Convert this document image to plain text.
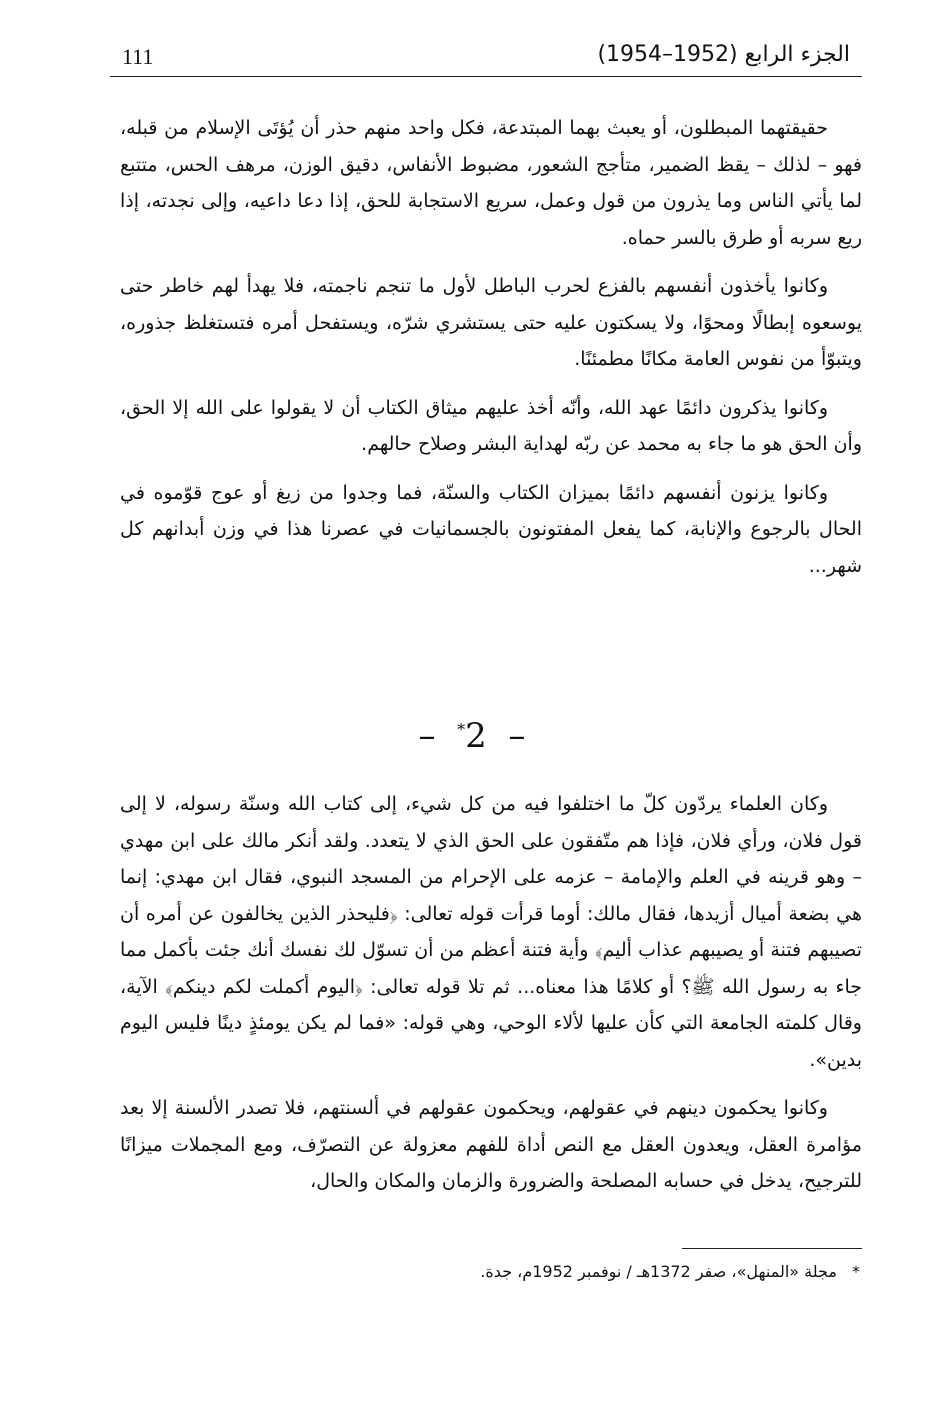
111	الجزء الرابع (1952–1954)

حقيقتهما المبطلون، أو يعبث بهما المبتدعة، فكل واحد منهم حذر أن يُؤتَى الإسلام من قبله، فهو – لذلك – يقظ الضمير، متأجج الشعور، مضبوط الأنفاس، دقيق الوزن، مرهف الحس، متتبع لما يأتي الناس وما يذرون من قول وعمل، سريع الاستجابة للحق، إذا دعا داعيه، وإلى نجدته، إذا ريع سربه أو طرق بالسر حماه.

وكانوا يأخذون أنفسهم بالفزع لحرب الباطل لأول ما تنجم ناجمته، فلا يهدأ لهم خاطر حتى يوسعوه إبطالًا ومحوًا، ولا يسكتون عليه حتى يستشري شرّه، ويستفحل أمره فتستغلظ جذوره، ويتبوّأ من نفوس العامة مكانًا مطمئنًا.

وكانوا يذكرون دائمًا عهد الله، وأنّه أخذ عليهم ميثاق الكتاب أن لا يقولوا على الله إلا الحق، وأن الحق هو ما جاء به محمد عن ربّه لهداية البشر وصلاح حالهم.

وكانوا يزنون أنفسهم دائمًا بميزان الكتاب والسنّة، فما وجدوا من زيغ أو عوج قوّموه في الحال بالرجوع والإنابة، كما يفعل المفتونون بالجسمانيات في عصرنا هذا في وزن أبدانهم كل شهر...

–  *2  –

وكان العلماء يردّون كلّ ما اختلفوا فيه من كل شيء، إلى كتاب الله وسنّة رسوله، لا إلى قول فلان، ورأي فلان، فإذا هم متّفقون على الحق الذي لا يتعدد. ولقد أنكر مالك على ابن مهدي – وهو قرينه في العلم والإمامة – عزمه على الإحرام من المسجد النبوي، فقال ابن مهدي: إنما هي بضعة أميال أزيدها، فقال مالك: أوما قرأت قوله تعالى: ﴿فليحذر الذين يخالفون عن أمره أن تصيبهم فتنة أو يصيبهم عذاب أليم﴾ وأية فتنة أعظم من أن تسوّل لك نفسك أنك جئت بأكمل مما جاء به رسول الله ﷺ؟ أو كلامًا هذا معناه... ثم تلا قوله تعالى: ﴿اليوم أكملت لكم دينكم﴾ الآية، وقال كلمته الجامعة التي كأن عليها لألاء الوحي، وهي قوله: «فما لم يكن يومئذٍ دينًا فليس اليوم بدين».

وكانوا يحكمون دينهم في عقولهم، ويحكمون عقولهم في ألسنتهم، فلا تصدر الألسنة إلا بعد مؤامرة العقل، ويعدون العقل مع النص أداة للفهم معزولة عن التصرّف، ومع المجملات ميزانًا للترجيح، يدخل في حسابه المصلحة والضرورة والزمان والمكان والحال،

* مجلة «المنهل»، صفر 1372هـ / نوفمبر 1952م، جدة.
